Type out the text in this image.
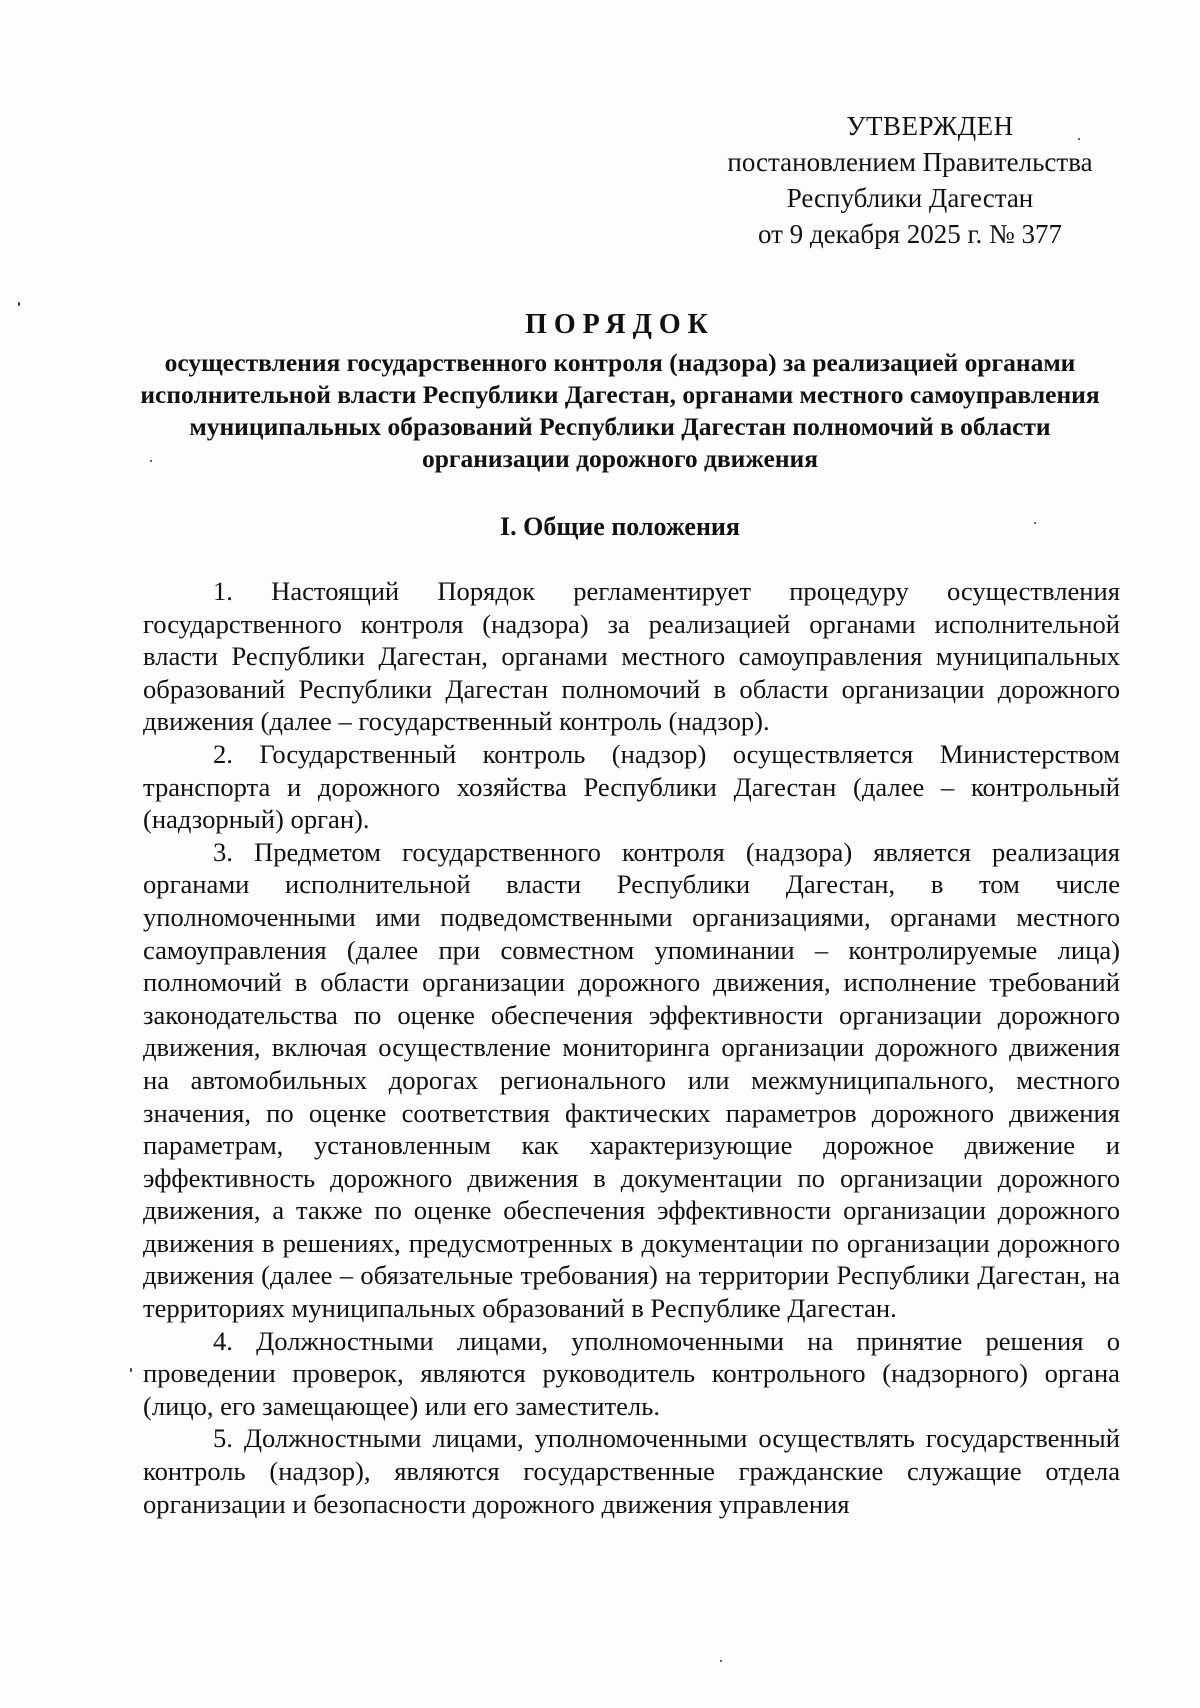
УТВЕРЖДЕН
постановлением Правительства
Республики Дагестан
от 9 декабря 2025 г. № 377
ПОРЯДОК
осуществления государственного контроля (надзора) за реализацией органами исполнительной власти Республики Дагестан, органами местного самоуправления муниципальных образований Республики Дагестан полномочий в области организации дорожного движения
I. Общие положения

1. Настоящий Порядок регламентирует процедуру осуществления государственного контроля (надзора) за реализацией органами исполнительной власти Республики Дагестан, органами местного самоуправления муниципальных образований Республики Дагестан полномочий в области организации дорожного движения (далее – государственный контроль (надзор).

2. Государственный контроль (надзор) осуществляется Министерством транспорта и дорожного хозяйства Республики Дагестан (далее – контрольный (надзорный) орган).

3. Предметом государственного контроля (надзора) является реализация органами исполнительной власти Республики Дагестан, в том числе уполномоченными ими подведомственными организациями, органами местного самоуправления (далее при совместном упоминании – контролируемые лица) полномочий в области организации дорожного движения, исполнение требований законодательства по оценке обеспечения эффективности организации дорожного движения, включая осуществление мониторинга организации дорожного движения на автомобильных дорогах регионального или межмуниципального, местного значения, по оценке соответствия фактических параметров дорожного движения параметрам, установленным как характеризующие дорожное движение и эффективность дорожного движения в документации по организации дорожного движения, а также по оценке обеспечения эффективности организации дорожного движения в решениях, предусмотренных в документации по организации дорожного движения (далее – обязательные требования) на территории Республики Дагестан, на территориях муниципальных образований в Республике Дагестан.

4. Должностными лицами, уполномоченными на принятие решения о проведении проверок, являются руководитель контрольного (надзорного) органа (лицо, его замещающее) или его заместитель.

5. Должностными лицами, уполномоченными осуществлять государственный контроль (надзор), являются государственные гражданские служащие отдела организации и безопасности дорожного движения управления
